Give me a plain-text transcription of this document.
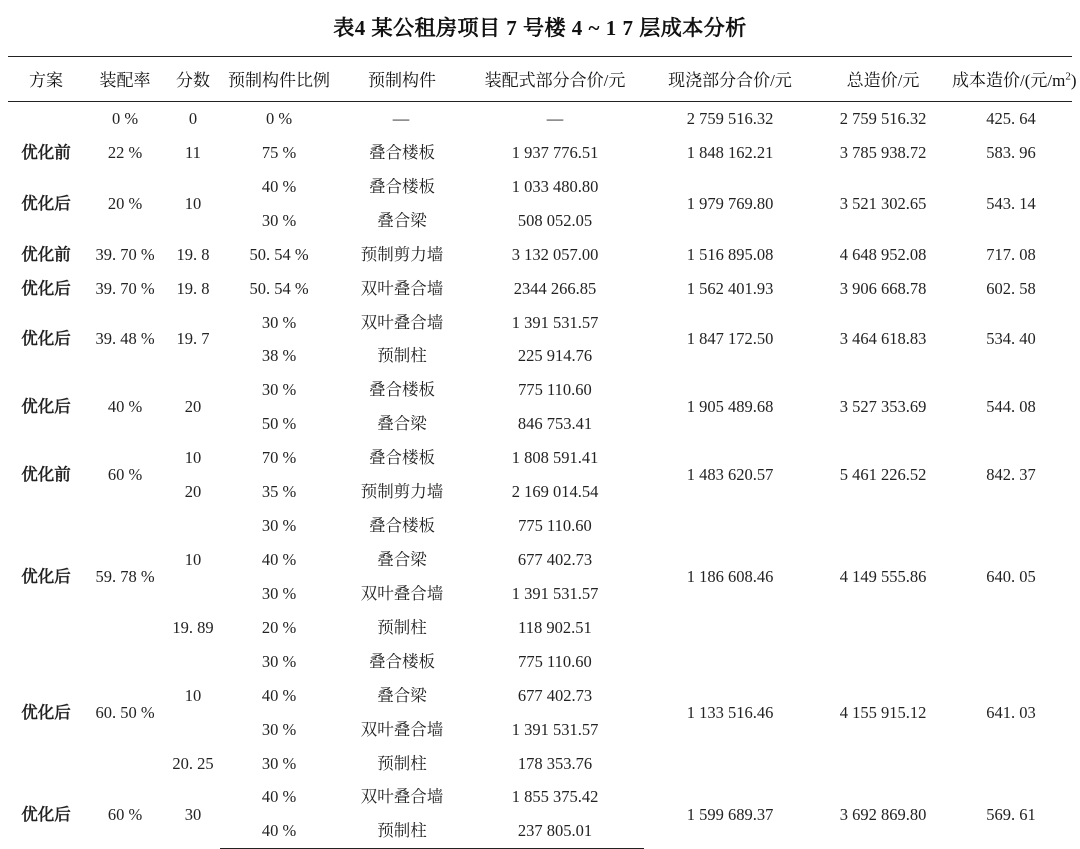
表4 某公租房项目 7 号楼 4 ~ 1 7 层成本分析
方案	装配率	分数	预制构件比例	预制构件	装配式部分合价/元	现浇部分合价/元	总造价/元	成本造价/(元$/m^2$)
	0 %	0	0 %	—	—	2 759 516.32	2 759 516.32	425. 64
优化前	22 %	11	75 %	叠合楼板	1 937 776.51	1 848 162.21	3 785 938.72	583. 96
优化后	20 %	10	40 %	叠合楼板	1 033 480.80	1 979 769.80	3 521 302.65	543. 14
			30 %	叠合梁	508 052.05			
优化前	39. 70 %	19. 8	50. 54 %	预制剪力墙	3 132 057.00	1 516 895.08	4 648 952.08	717. 08
优化后	39. 70 %	19. 8	50. 54 %	双叶叠合墙	2344 266.85	1 562 401.93	3 906 668.78	602. 58
优化后	39. 48 %	19. 7	30 %	双叶叠合墙	1 391 531.57	1 847 172.50	3 464 618.83	534. 40
			38 %	预制柱	225 914.76			
优化后	40 %	20	30 %	叠合楼板	775 110.60	1 905 489.68	3 527 353.69	544. 08
			50 %	叠合梁	846 753.41			
优化前	60 %	10	70 %	叠合楼板	1 808 591.41	1 483 620.57	5 461 226.52	842. 37
		20	35 %	预制剪力墙	2 169 014.54			
优化后	59. 78 %		30 %	叠合楼板	775 110.60	1 186 608.46	4 149 555.86	640. 05
		10	40 %	叠合梁	677 402.73			
			30 %	双叶叠合墙	1 391 531.57			
		19. 89	20 %	预制柱	118 902.51			
优化后	60. 50 %		30 %	叠合楼板	775 110.60	1 133 516.46	4 155 915.12	641. 03
		10	40 %	叠合梁	677 402.73			
			30 %	双叶叠合墙	1 391 531.57			
		20. 25	30 %	预制柱	178 353.76			
优化后	60 %	30	40 %	双叶叠合墙	1 855 375.42	1 599 689.37	3 692 869.80	569. 61
			40 %	预制柱	237 805.01			
